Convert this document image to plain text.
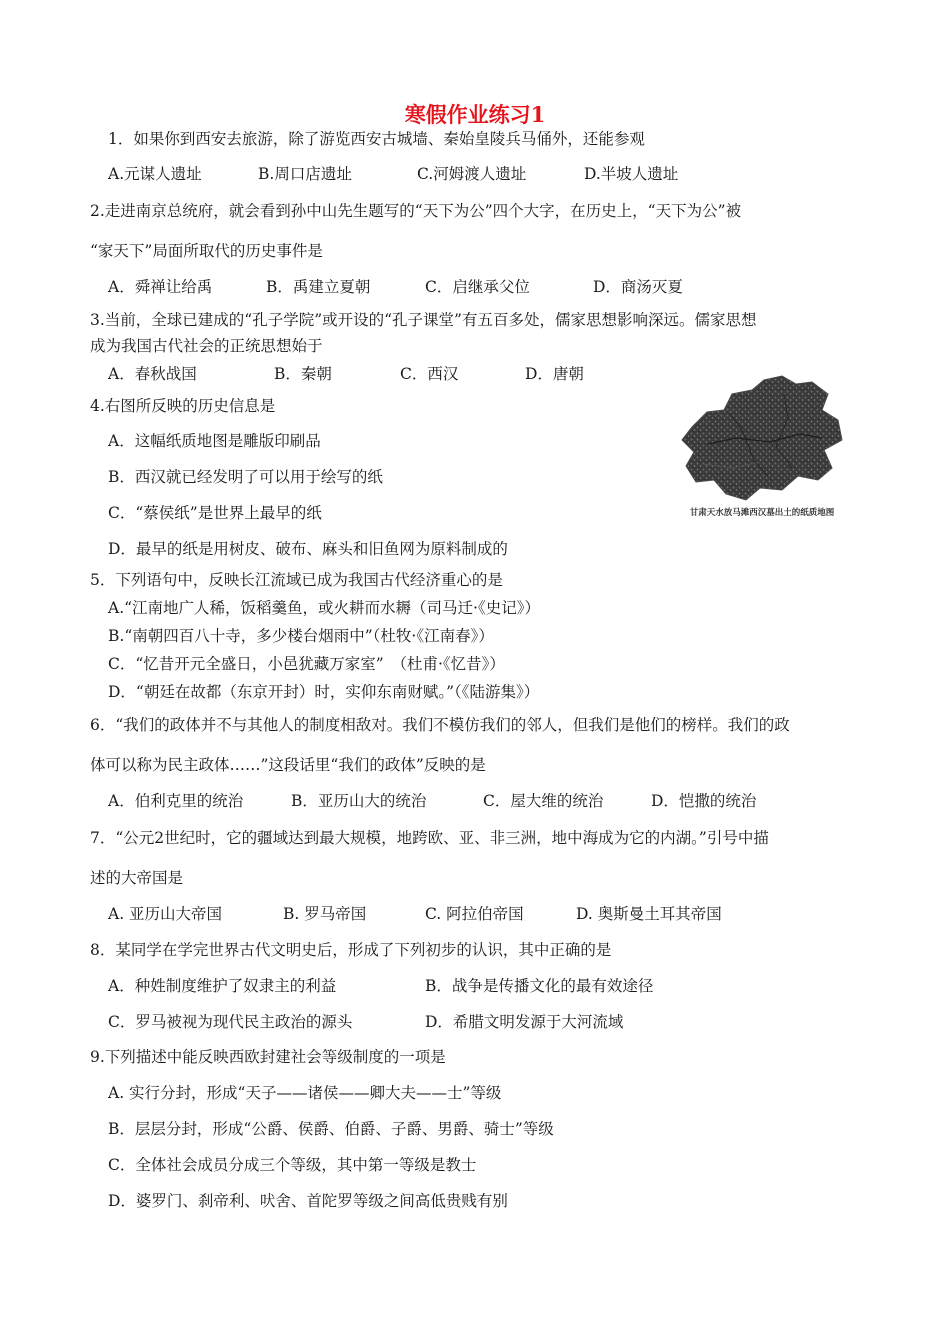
寒假作业练习1

1．如果你到西安去旅游，除了游览西安古城墙、秦始皇陵兵马俑外，还能参观

A.元谋人遗址	B.周口店遗址	C.河姆渡人遗址	D.半坡人遗址

2.走进南京总统府，就会看到孙中山先生题写的“天下为公”四个大字，在历史上，“天下为公”被

“家天下”局面所取代的历史事件是

A．舜禅让给禹	B．禹建立夏朝	C．启继承父位	D．商汤灭夏

3.当前，全球已建成的“孔子学院”或开设的“孔子课堂”有五百多处，儒家思想影响深远。儒家思想

成为我国古代社会的正统思想始于

A．春秋战国	B．秦朝	C．西汉	D．唐朝

4.右图所反映的历史信息是

A．这幅纸质地图是雕版印刷品

B．西汉就已经发明了可以用于绘写的纸

C．“蔡侯纸”是世界上最早的纸

D．最早的纸是用树皮、破布、麻头和旧鱼网为原料制成的

甘肃天水放马滩西汉墓出土的纸质地图

5．下列语句中，反映长江流域已成为我国古代经济重心的是

A.“江南地广人稀，饭稻羹鱼，或火耕而水耨（司马迁·《史记》）

B.“南朝四百八十寺，多少楼台烟雨中”（杜牧·《江南春》）

C．“忆昔开元全盛日，小邑犹藏万家室”　（杜甫·《忆昔》）

D．“朝廷在故都（东京开封）时，实仰东南财赋。”（《陆游集》）

6．“我们的政体并不与其他人的制度相敌对。我们不模仿我们的邻人，但我们是他们的榜样。我们的政

体可以称为民主政体……”这段话里“我们的政体”反映的是

A．伯利克里的统治	B．亚历山大的统治	C．屋大维的统治	D．恺撒的统治

7．“公元2世纪时，它的疆域达到最大规模，地跨欧、亚、非三洲，地中海成为它的内湖。”引号中描

述的大帝国是

A. 亚历山大帝国	B. 罗马帝国	C. 阿拉伯帝国	D. 奥斯曼土耳其帝国

8．某同学在学完世界古代文明史后，形成了下列初步的认识，其中正确的是

A．种姓制度维护了奴隶主的利益	B．战争是传播文化的最有效途径
C．罗马被视为现代民主政治的源头	D．希腊文明发源于大河流域

9.下列描述中能反映西欧封建社会等级制度的一项是

A. 实行分封，形成“天子——诸侯——卿大夫——士”等级

B．层层分封，形成“公爵、侯爵、伯爵、子爵、男爵、骑士”等级

C．全体社会成员分成三个等级，其中第一等级是教士

D．婆罗门、刹帝利、吠舍、首陀罗等级之间高低贵贱有别
